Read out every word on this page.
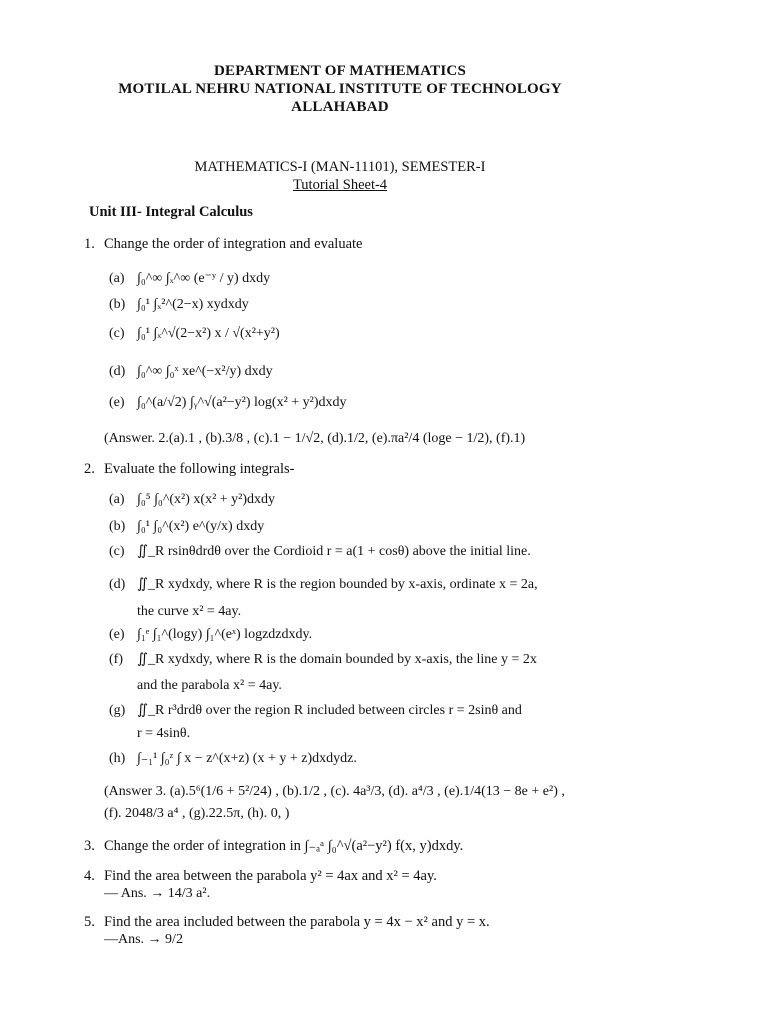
DEPARTMENT OF MATHEMATICS
MOTILAL NEHRU NATIONAL INSTITUTE OF TECHNOLOGY
ALLAHABAD
MATHEMATICS-I (MAN-11101), SEMESTER-I
Tutorial Sheet-4
Unit III- Integral Calculus
1. Change the order of integration and evaluate
(a) ∫₀^∞ ∫ₓ^∞ (e⁻ʸ / y) dxdy
(b) ∫₀¹ ∫ₓ²^(2−x) xydxdy
(c) ∫₀¹ ∫ₓ^√(2−x²) x / √(x²+y²)
(d) ∫₀^∞ ∫₀ˣ xe^(−x²/y) dxdy
(e) ∫₀^(a/√2) ∫ᵧ^√(a²−y²) log(x² + y²)dxdy
(Answer. 2.(a).1 , (b).3/8 , (c).1 − 1/√2, (d).1/2, (e).πa²/4 (loge − 1/2), (f).1)
2. Evaluate the following integrals-
(a) ∫₀⁵ ∫₀^(x²) x(x² + y²)dxdy
(b) ∫₀¹ ∫₀^(x²) e^(y/x) dxdy
(c) ∬_R rsinθdrdθ over the Cordioid r = a(1 + cosθ) above the initial line.
(d) ∬_R xydxdy, where R is the region bounded by x-axis, ordinate x = 2a,
the curve x² = 4ay.
(e) ∫₁ᵉ ∫₁^(logy) ∫₁^(eˣ) logzdzdxdy.
(f) ∬_R xydxdy, where R is the domain bounded by x-axis, the line y = 2x
and the parabola x² = 4ay.
(g) ∬_R r³drdθ over the region R included between circles r = 2sinθ and
r = 4sinθ.
(h) ∫₋₁¹ ∫₀ᶻ ∫ x − z^(x+z) (x + y + z)dxdydz.
(Answer 3. (a).5⁶(1/6 + 5²/24) , (b).1/2 , (c). 4a³/3, (d). a⁴/3 , (e).1/4(13 − 8e + e²) ,
(f). 2048/3 a⁴ , (g).22.5π, (h). 0, )
3. Change the order of integration in ∫₋ₐᵃ ∫₀^√(a²−y²) f(x, y)dxdy.
4. Find the area between the parabola y² = 4ax and x² = 4ay.
— Ans. → 14/3 a².
5. Find the area included between the parabola y = 4x − x² and y = x.
—Ans. → 9/2
